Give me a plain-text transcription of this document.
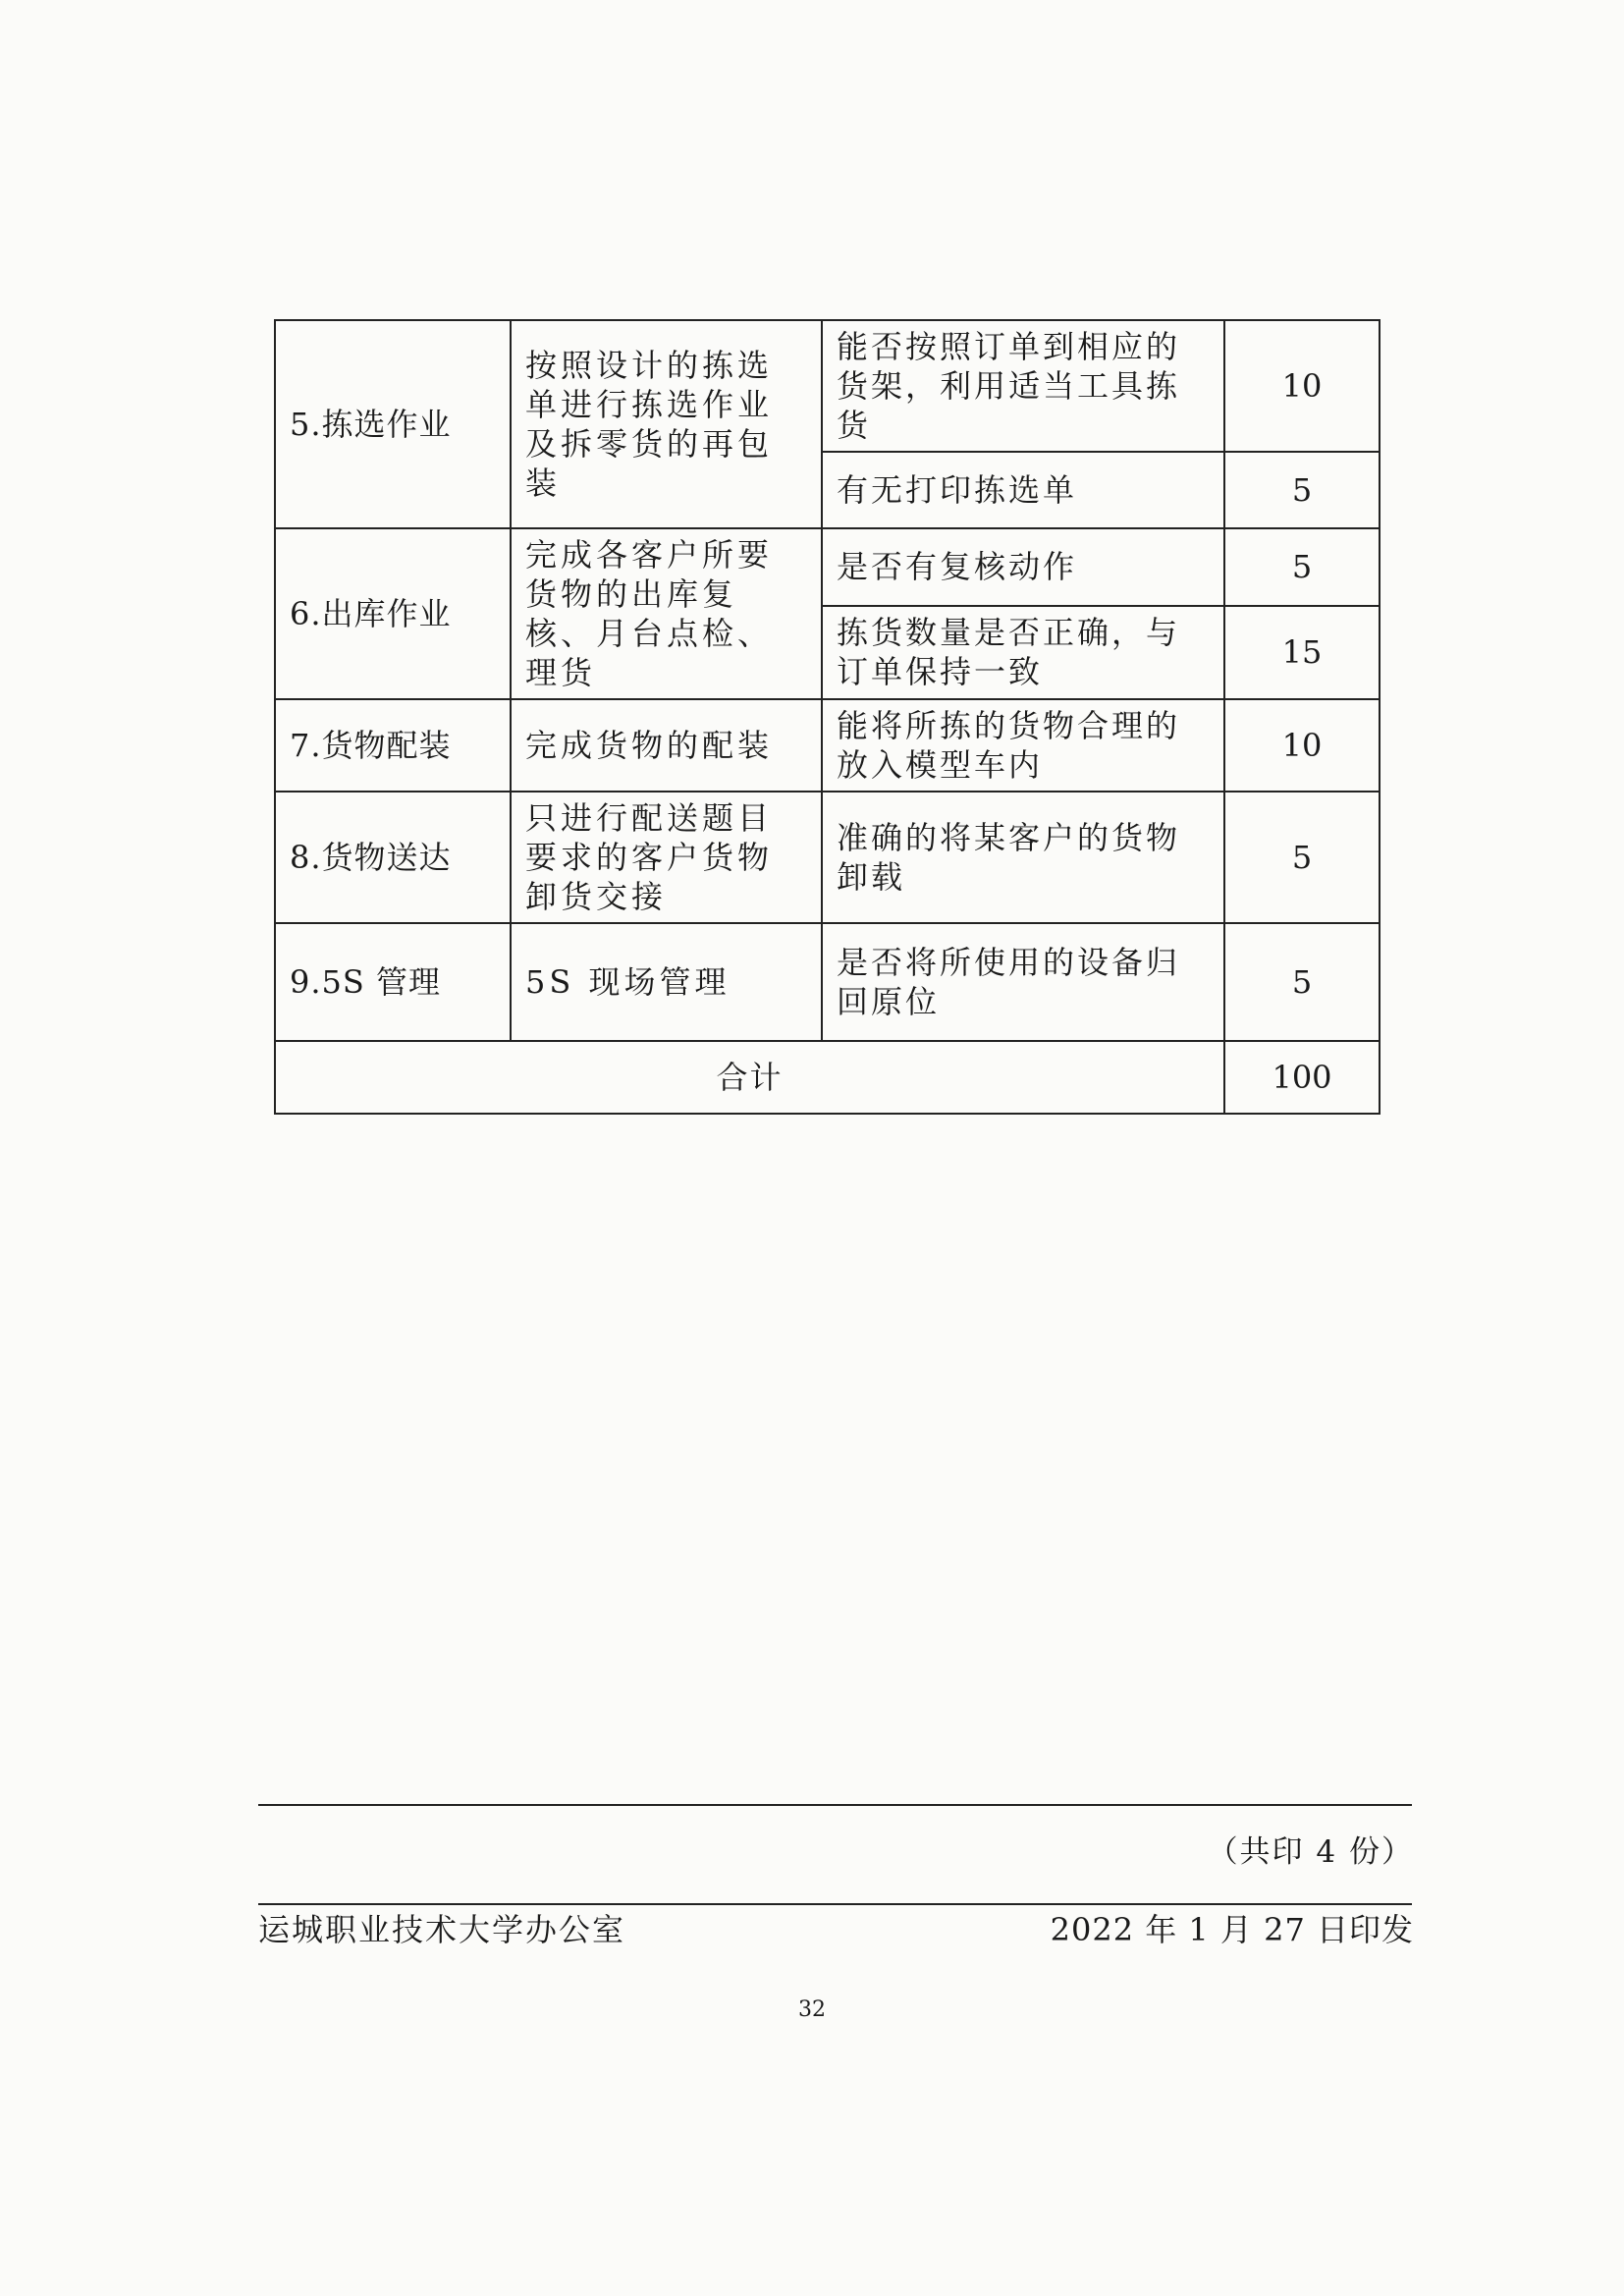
5.拣选作业	按照设计的拣选单进行拣选作业及拆零货的再包装	能否按照订单到相应的货架，利用适当工具拣货	10
		有无打印拣选单	5
6.出库作业	完成各客户所要货物的出库复核、月台点检、理货	是否有复核动作	5
		拣货数量是否正确，与订单保持一致	15
7.货物配装	完成货物的配装	能将所拣的货物合理的放入模型车内	10
8.货物送达	只进行配送题目要求的客户货物卸货交接	准确的将某客户的货物卸载	5
9.5S 管理	5S 现场管理	是否将所使用的设备归回原位	5
合计			100
（共印 4 份）
运城职业技术大学办公室	2022 年 1 月 27 日印发
32
